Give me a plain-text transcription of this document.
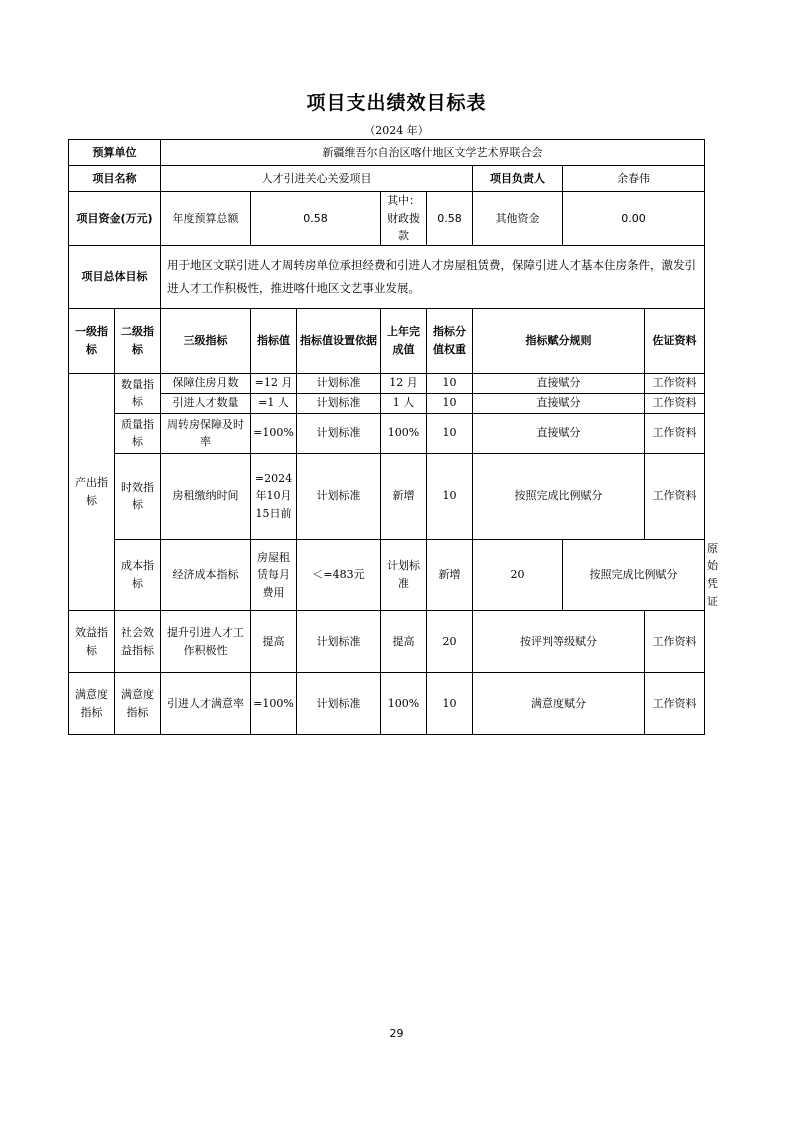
项目支出绩效目标表
（2024 年）
预算单位		新疆维吾尔自治区喀什地区文学艺术界联合会								
项目名称		人才引进关心关爱项目					项目负责人	余春伟		
项目资金(万元)		年度预算总额	0.58		其中：财政拨款	0.58	其他资金	0.00		
项目总体目标		用于地区文联引进人才周转房单位承担经费和引进人才房屋租赁费，保障引进人才基本住房条件，激发引进人才工作积极性，推进喀什地区文艺事业发展。								
一级指标	二级指标	三级指标	指标值	指标值设置依据	上年完成值	指标分值权重	指标赋分规则		佐证资料	
产出指标	数量指标	保障住房月数	=12 月	计划标准	12 月	10	直接赋分		工作资料	
		引进人才数量	=1 人	计划标准	1 人	10	直接赋分		工作资料	
	质量指标	周转房保障及时率	=100%	计划标准	100%	10	直接赋分		工作资料	
	时效指标	房租缴纳时间	=2024年10月15日前	计划标准	新增	10	按照完成比例赋分		工作资料	
	成本指标	经济成本指标	房屋租赁每月费用	＜=483元	计划标准	新增	20	按照完成比例赋分		原始凭证
效益指标	社会效益指标	提升引进人才工作积极性	提高	计划标准	提高	20	按评判等级赋分		工作资料	
满意度指标	满意度指标	引进人才满意率	=100%	计划标准	100%	10	满意度赋分		工作资料	
29
